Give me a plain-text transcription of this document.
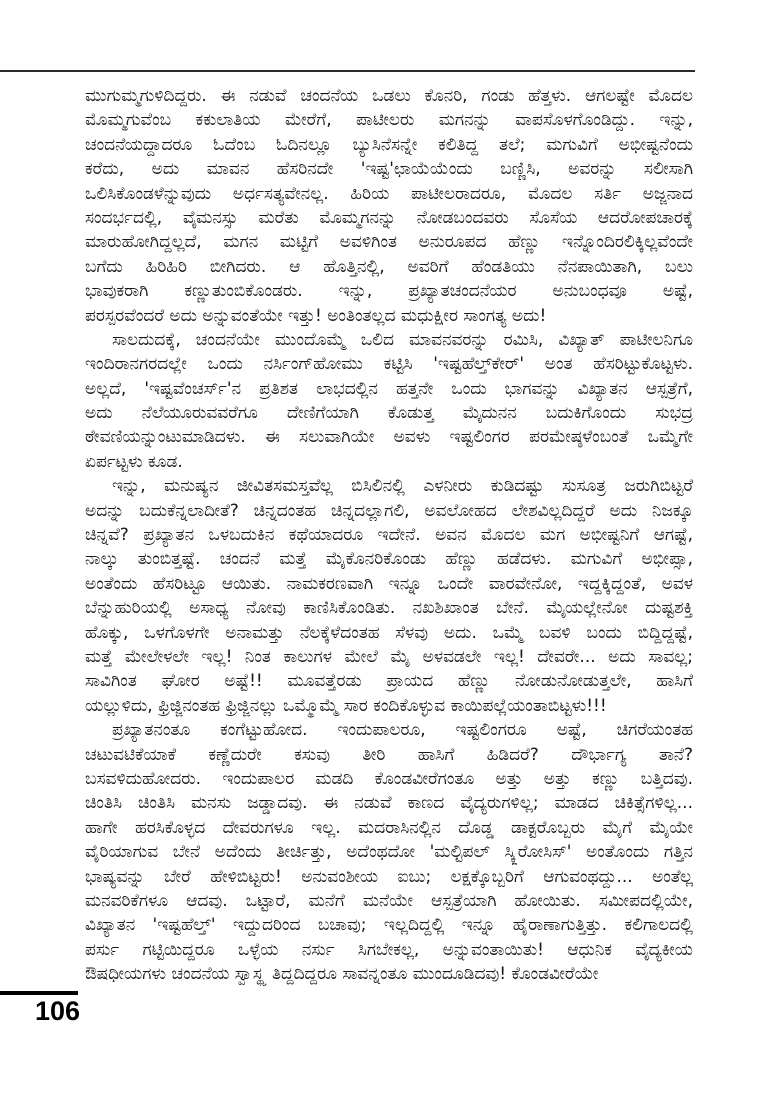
ಮುಗುಮ್ಮಗುಳಿದಿದ್ದರು. ಈ ನಡುವೆ ಚಂದನೆಯ ಒಡಲು ಕೊನರಿ, ಗಂಡು ಹೆತ್ತಳು. ಆಗಲಷ್ಟೇ ಮೊದಲ
ಮೊಮ್ಮಗುವೆಂಬ ಕಕುಲಾತಿಯ ಮೇರೆಗೆ, ಪಾಟೀಲರು ಮಗನನ್ನು ವಾಪಸೊಳಗೊಂಡಿದ್ದು. ಇನ್ನು,
ಚಂದನೆಯದ್ದಾದರೂ ಓದೆಂಬ ಓದಿನಲ್ಲೂ ಬ್ಯುಸಿನೆಸನ್ನೇ ಕಲಿತಿದ್ದ ತಲೆ; ಮಗುವಿಗೆ ಅಭೀಷ್ಟನೆಂದು
ಕರೆದು, ಅದು ಮಾವನ ಹೆಸರಿನದೇ 'ಇಷ್ಟ'ಛಾಯೆಯೆಂದು ಬಣ್ಣಿಸಿ, ಅವರನ್ನು ಸಲೀಸಾಗಿ
ಒಲಿಸಿಕೊಂಡಳೆನ್ನುವುದು ಅರ್ಧಸತ್ಯವೇನಲ್ಲ. ಹಿರಿಯ ಪಾಟೀಲರಾದರೂ, ಮೊದಲ ಸರ್ತಿ ಅಜ್ಜನಾದ
ಸಂದರ್ಭದಲ್ಲಿ, ವೈಮನಸ್ಸು ಮರೆತು ಮೊಮ್ಮಗನನ್ನು ನೋಡಬಂದವರು ಸೊಸೆಯ ಆದರೋಪಚಾರಕ್ಕೆ
ಮಾರುಹೋಗಿದ್ದಲ್ಲದೆ, ಮಗನ ಮಟ್ಟಿಗೆ ಅವಳಿಗಿಂತ ಅನುರೂಪದ ಹೆಣ್ಣು ಇನ್ನೊಂದಿರಲಿಕ್ಕಿಲ್ಲವೆಂದೇ
ಬಗೆದು ಹಿರಿಹಿರಿ ಬೀಗಿದರು. ಆ ಹೊತ್ತಿನಲ್ಲಿ, ಅವರಿಗೆ ಹೆಂಡತಿಯು ನೆನಪಾಯಿತಾಗಿ, ಬಲು
ಭಾವುಕರಾಗಿ ಕಣ್ಣುತುಂಬಿಕೊಂಡರು. ಇನ್ನು, ಪ್ರಖ್ಯಾತಚಂದನೆಯರ ಅನುಬಂಧವೂ ಅಷ್ಟೆ,
ಪರಸ್ಪರವೆಂದರೆ ಅದು ಅನ್ನುವಂತೆಯೇ ಇತ್ತು! ಅಂತಿಂತಲ್ಲದ ಮಧುಕ್ಷೀರ ಸಾಂಗತ್ಯ ಅದು!
ಸಾಲದುದಕ್ಕೆ, ಚಂದನೆಯೇ ಮುಂದೊಮ್ಮೆ ಒಲಿದ ಮಾವನವರನ್ನು ರಮಿಸಿ, ವಿಖ್ಯಾತ್ ಪಾಟೀಲನಿಗೂ
ಇಂದಿರಾನಗರದಲ್ಲೇ ಒಂದು ನರ್ಸಿಂಗ್‌ಹೋಮು ಕಟ್ಟಿಸಿ 'ಇಷ್ಟಹೆಲ್ತ್‌ಕೇರ್' ಅಂತ ಹೆಸರಿಟ್ಟುಕೊಟ್ಟಳು.
ಅಲ್ಲದೆ, 'ಇಷ್ಟವೆಂಚರ್ಸ್'ನ ಪ್ರತಿಶತ ಲಾಭದಲ್ಲಿನ ಹತ್ತನೇ ಒಂದು ಭಾಗವನ್ನು ವಿಖ್ಯಾತನ ಆಸ್ಪತ್ರೆಗೆ,
ಅದು ನೆಲೆಯೂರುವವರೆಗೂ ದೇಣಿಗೆಯಾಗಿ ಕೊಡುತ್ತ ಮೈದುನನ ಬದುಕಿಗೊಂದು ಸುಭದ್ರ
ಠೇವಣಿಯನ್ನುಂಟುಮಾಡಿದಳು. ಈ ಸಲುವಾಗಿಯೇ ಅವಳು ಇಷ್ಟಲಿಂಗರ ಪರಮೇಷ್ಠಳೆಂಬಂತೆ ಒಮ್ಮೆಗೇ
ಏರ್ಪಟ್ಟಳು ಕೂಡ.
ಇನ್ನು, ಮನುಷ್ಯನ ಜೀವಿತಸಮಸ್ತವೆಲ್ಲ ಬಿಸಿಲಿನಲ್ಲಿ ಎಳನೀರು ಕುಡಿದಷ್ಟು ಸುಸೂತ್ರ ಜರುಗಿಬಿಟ್ಟರೆ
ಅದನ್ನು ಬದುಕೆನ್ನಲಾದೀತೆ? ಚಿನ್ನದಂತಹ ಚಿನ್ನದಲ್ಲಾಗಲಿ, ಅವಲೋಹದ ಲೇಶವಿಲ್ಲದಿದ್ದರೆ ಅದು ನಿಜಕ್ಕೂ
ಚಿನ್ನವೆ? ಪ್ರಖ್ಯಾತನ ಒಳಬದುಕಿನ ಕಥೆಯಾದರೂ ಇದೇನೆ. ಅವನ ಮೊದಲ ಮಗ ಅಭೀಷ್ಟನಿಗೆ ಆಗಷ್ಟೆ,
ನಾಲ್ಕು ತುಂಬಿತ್ತಷ್ಟೆ. ಚಂದನೆ ಮತ್ತೆ ಮೈಕೊನರಿಕೊಂಡು ಹೆಣ್ಣು ಹಡೆದಳು. ಮಗುವಿಗೆ ಅಭೀಪ್ಸಾ,
ಅಂತೆಂದು ಹೆಸರಿಟ್ಟೂ ಆಯಿತು. ನಾಮಕರಣವಾಗಿ ಇನ್ನೂ ಒಂದೇ ವಾರವೇನೋ, ಇದ್ದಕ್ಕಿದ್ದಂತೆ, ಅವಳ
ಬೆನ್ನುಹುರಿಯಲ್ಲಿ ಅಸಾಧ್ಯ ನೋವು ಕಾಣಿಸಿಕೊಂಡಿತು. ನಖಶಿಖಾಂತ ಬೇನೆ. ಮೈಯಲ್ಲೇನೋ ದುಷ್ಟಶಕ್ತಿ
ಹೊಕ್ಕು, ಒಳಗೊಳಗೇ ಅನಾಮತ್ತು ನೆಲಕ್ಕೆಳೆದಂತಹ ಸೆಳವು ಅದು. ಒಮ್ಮೆ ಬವಳಿ ಬಂದು ಬಿದ್ದಿದ್ದಷ್ಟೆ,
ಮತ್ತೆ ಮೇಲೇಳಲೇ ಇಲ್ಲ! ನಿಂತ ಕಾಲುಗಳ ಮೇಲೆ ಮೈ ಅಳವಡಲೇ ಇಲ್ಲ! ದೇವರೇ... ಅದು ಸಾವಲ್ಲ;
ಸಾವಿಗಿಂತ ಘೋರ ಅಷ್ಟೆ!! ಮೂವತ್ತೆರಡು ಪ್ರಾಯದ ಹೆಣ್ಣು ನೋಡುನೋಡುತ್ತಲೇ, ಹಾಸಿಗೆ
ಯಲ್ಲುಳಿದು, ಫ್ರಿಜ್ಜಿನಂತಹ ಫ್ರಿಜ್ಜಿನಲ್ಲು ಒಮ್ಮೊಮ್ಮೆ ಸಾರ ಕಂದಿಕೊಳ್ಳುವ ಕಾಯಿಪಲ್ಲೆಯಂತಾಬಿಟ್ಟಳು!!!
ಪ್ರಖ್ಯಾತನಂತೂ ಕಂಗೆಟ್ಟುಹೋದ. ಇಂದುಪಾಲರೂ, ಇಷ್ಟಲಿಂಗರೂ ಅಷ್ಟೆ, ಚಿಗರೆಯಂತಹ
ಚಟುವಟಿಕೆಯಾಕೆ ಕಣ್ಣೆದುರೇ ಕಸುವು ತೀರಿ ಹಾಸಿಗೆ ಹಿಡಿದರೆ? ದೌರ್ಭಾಗ್ಯ ತಾನೆ?
ಬಸವಳಿದುಹೋದರು. ಇಂದುಪಾಲರ ಮಡದಿ ಕೊಂಡವೀರೆಗಂತೂ ಅತ್ತು ಅತ್ತು ಕಣ್ಣು ಬತ್ತಿದವು.
ಚಿಂತಿಸಿ ಚಿಂತಿಸಿ ಮನಸು ಜಡ್ಡಾದವು. ಈ ನಡುವೆ ಕಾಣದ ವೈದ್ಯರುಗಳಿಲ್ಲ; ಮಾಡದ ಚಿಕಿತ್ಸೆಗಳಿಲ್ಲ...
ಹಾಗೇ ಹರಸಿಕೊಳ್ಳದ ದೇವರುಗಳೂ ಇಲ್ಲ. ಮದರಾಸಿನಲ್ಲಿನ ದೊಡ್ಡ ಡಾಕ್ಟರೊಬ್ಬರು ಮೈಗೆ ಮೈಯೇ
ವೈರಿಯಾಗುವ ಬೇನೆ ಅದೆಂದು ತೀರ್ಚಿತ್ತು, ಅದೆಂಥದೋ 'ಮಲ್ಟಿಪಲ್ ಸ್ಕ್ಲಿರೋಸಿಸ್' ಅಂತೊಂದು ಗತ್ತಿನ
ಭಾಷ್ಯವನ್ನು ಬೇರೆ ಹೇಳಿಬಿಟ್ಟರು! ಅನುವಂಶೀಯ ಐಬು; ಲಕ್ಷಕ್ಕೊಬ್ಬರಿಗೆ ಆಗುವಂಥದ್ದು... ಅಂತೆಲ್ಲ
ಮನವರಿಕೆಗಳೂ ಆದವು. ಒಟ್ಟಾರೆ, ಮನೆಗೆ ಮನೆಯೇ ಆಸ್ಪತ್ರೆಯಾಗಿ ಹೋಯಿತು. ಸಮೀಪದಲ್ಲಿಯೇ,
ವಿಖ್ಯಾತನ 'ಇಷ್ಟಹೆಲ್ತ್' ಇದ್ದುದರಿಂದ ಬಚಾವು; ಇಲ್ಲದಿದ್ದಲ್ಲಿ ಇನ್ನೂ ಹೈರಾಣಾಗುತ್ತಿತ್ತು. ಕಲಿಗಾಲದಲ್ಲಿ
ಪರ್ಸು ಗಟ್ಟಿಯಿದ್ದರೂ ಒಳ್ಳೆಯ ನರ್ಸು ಸಿಗಬೇಕಲ್ಲ, ಅನ್ನುವಂತಾಯಿತು! ಆಧುನಿಕ ವೈದ್ಯಕೀಯ
ಔಷಧೀಯಗಳು ಚಂದನೆಯ ಸ್ವಾಸ್ಥ್ಯ ತಿದ್ದದಿದ್ದರೂ ಸಾವನ್ನಂತೂ ಮುಂದೂಡಿದವು! ಕೊಂಡವೀರೆಯೇ
106
